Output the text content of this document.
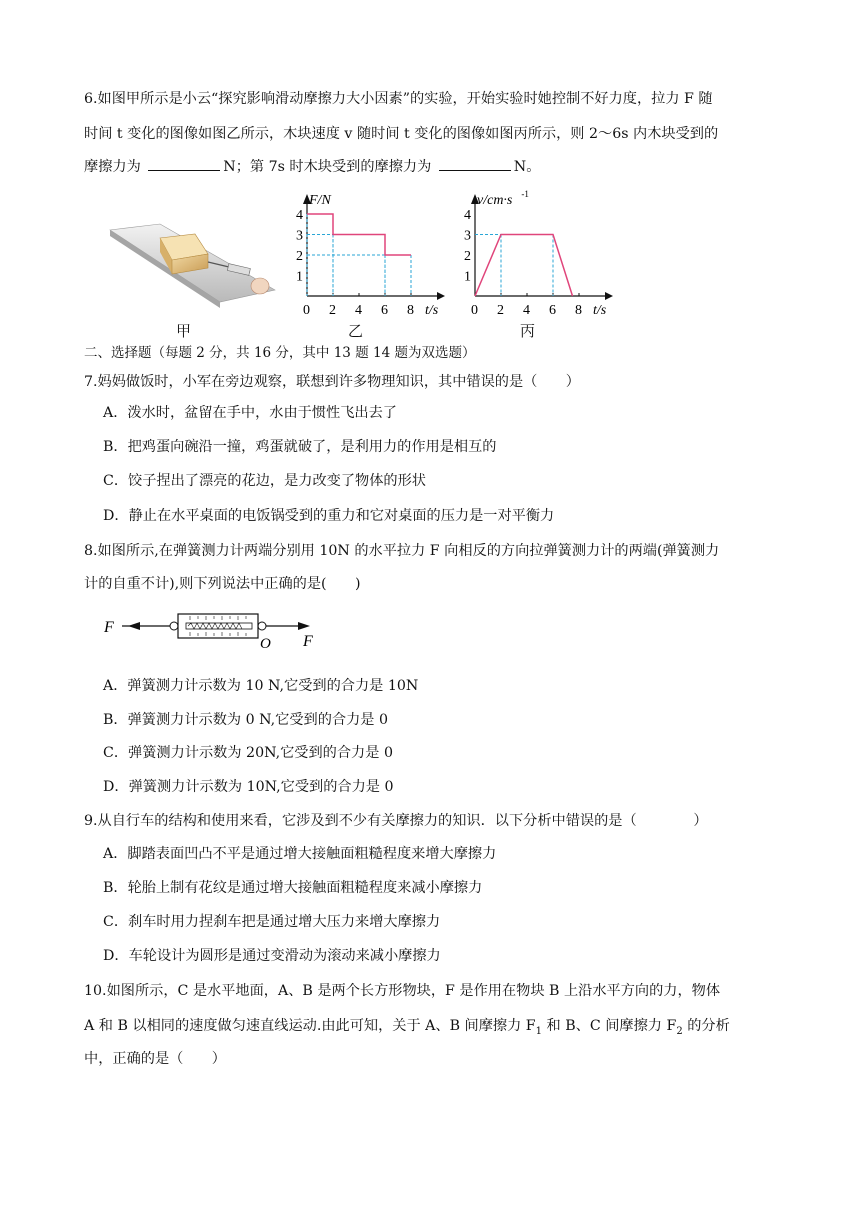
6.如图甲所示是小云“探究影响滑动摩擦力大小因素”的实验，开始实验时她控制不好力度，拉力 F 随

时间 t 变化的图像如图乙所示，木块速度 v 随时间 t 变化的图像如图丙所示，则 2～6s 内木块受到的

摩擦力为	N；第 7s 时木块受到的摩擦力为	N。

甲
2 4 6 8
1
2
3
4
0	t/s
F/N
乙
2 4 6 8
1
2
3
4
0	t/s
v/cm·s -1
丙

二、选择题（每题 2 分，共 16 分，其中 13 题 14 题为双选题）

7.妈妈做饭时，小军在旁边观察，联想到许多物理知识，其中错误的是（　　）

A．泼水时，盆留在手中，水由于惯性飞出去了

B．把鸡蛋向碗沿一撞，鸡蛋就破了，是利用力的作用是相互的

C．饺子捏出了漂亮的花边，是力改变了物体的形状

D．静止在水平桌面的电饭锅受到的重力和它对桌面的压力是一对平衡力

8.如图所示,在弹簧测力计两端分别用 10N 的水平拉力 F 向相反的方向拉弹簧测力计的两端(弹簧测力

计的自重不计),则下列说法中正确的是(　　)

F
F
O

A．弹簧测力计示数为 10 N,它受到的合力是 10N

B．弹簧测力计示数为 0 N,它受到的合力是 0

C．弹簧测力计示数为 20N,它受到的合力是 0

D．弹簧测力计示数为 10N,它受到的合力是 0

9.从自行车的结构和使用来看，它涉及到不少有关摩擦力的知识．以下分析中错误的是（　　　　）

A．脚踏表面凹凸不平是通过增大接触面粗糙程度来增大摩擦力

B．轮胎上制有花纹是通过增大接触面粗糙程度来减小摩擦力

C．刹车时用力捏刹车把是通过增大压力来增大摩擦力

D．车轮设计为圆形是通过变滑动为滚动来减小摩擦力

10.如图所示，C 是水平地面，A、B 是两个长方形物块，F 是作用在物块 B 上沿水平方向的力，物体

A 和 B 以相同的速度做匀速直线运动.由此可知，关于 A、B 间摩擦力 $F_1$ 和 B、C 间摩擦力 $F_2$ 的分析

中，正确的是（　　）
